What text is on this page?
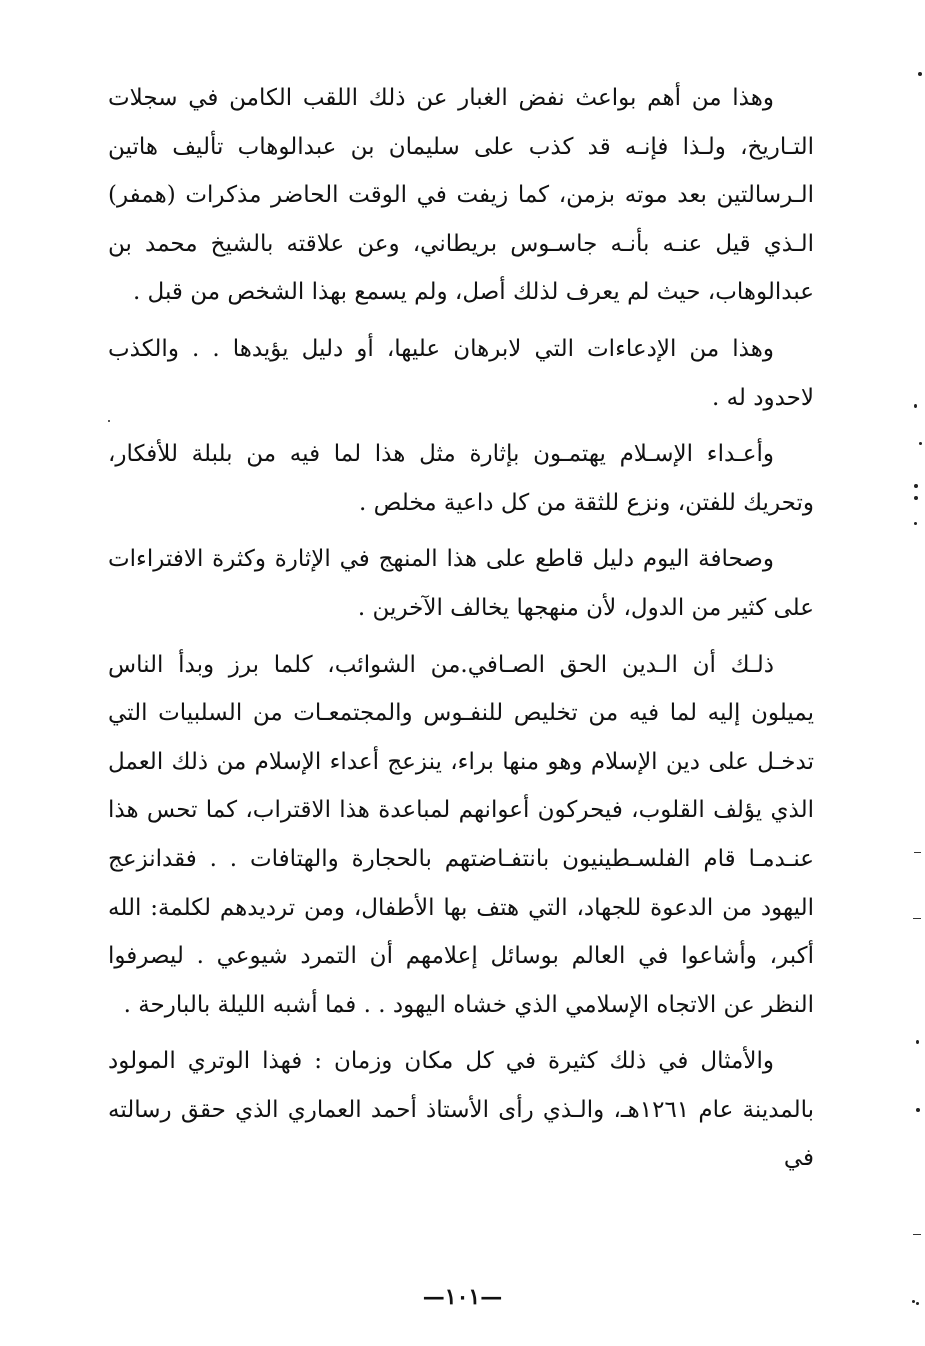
وهذا من أهم بواعث نفض الغبار عن ذلك اللقب الكامن في سجلات التـاريخ، ولـذا فإنـه قد كذب على سليمان بن عبدالوهاب تأليف هاتين الـرسالتين بعد موته بزمن، كما زيفت في الوقت الحاضر مذكرات (همفر) الـذي قيل عنـه بأنـه جاسـوس بريطاني، وعن علاقته بالشيخ محمد بن عبدالوهاب، حيث لم يعرف لذلك أصل، ولم يسمع بهذا الشخص من قبل .

وهذا من الإدعاءات التي لابرهان عليها، أو دليل يؤيدها . . والكذب لاحدود له .

وأعـداء الإسـلام يهتمـون بإثارة مثل هذا لما فيه من بلبلة للأفكار، وتحريك للفتن، ونزع للثقة من كل داعية مخلص .

وصحافة اليوم دليل قاطع على هذا المنهج في الإثارة وكثرة الافتراءات على كثير من الدول، لأن منهجها يخالف الآخرين .

ذلـك أن الـدين الحق الصـافي.من الشوائب، كلما برز وبدأ الناس يميلون إليه لما فيه من تخليص للنفـوس والمجتمعـات من السلبيات التي تدخـل على دين الإسلام وهو منها براء، ينزعج أعداء الإسلام من ذلك العمل الذي يؤلف القلوب، فيحركون أعوانهم لمباعدة هذا الاقتراب، كما تحس هذا عنـدمـا قام الفلسـطينيون بانتفـاضتهم بالحجارة والهتافات . . فقدانزعج اليهود من الدعوة للجهاد، التي هتف بها الأطفال، ومن ترديدهم لكلمة: الله أكبر، وأشاعوا في العالم بوسائل إعلامهم أن التمرد شيوعي . ليصرفوا النظر عن الاتجاه الإسلامي الذي خشاه اليهود . . فما أشبه الليلة بالبارحة .

والأمثال في ذلك كثيرة في كل مكان وزمان : فهذا الوتري المولود بالمدينة عام ١٢٦١هـ، والـذي رأى الأستاذ أحمد العماري الذي حقق رسالته في

—١٠١—
